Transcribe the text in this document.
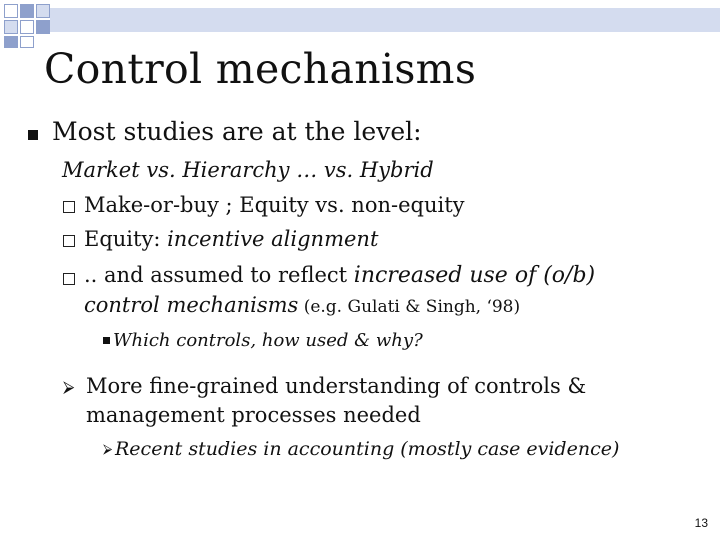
Control mechanisms
Most studies are at the level:
Market vs. Hierarchy … vs. Hybrid
Make-or-buy ; Equity vs. non-equity
Equity: incentive alignment
.. and assumed to reflect increased use of (o/b)
control mechanisms (e.g. Gulati & Singh, ‘98)
Which controls, how used & why?
⮚ More fine-grained understanding of controls &
management processes needed
⮚ Recent studies in accounting (mostly case evidence)
13
